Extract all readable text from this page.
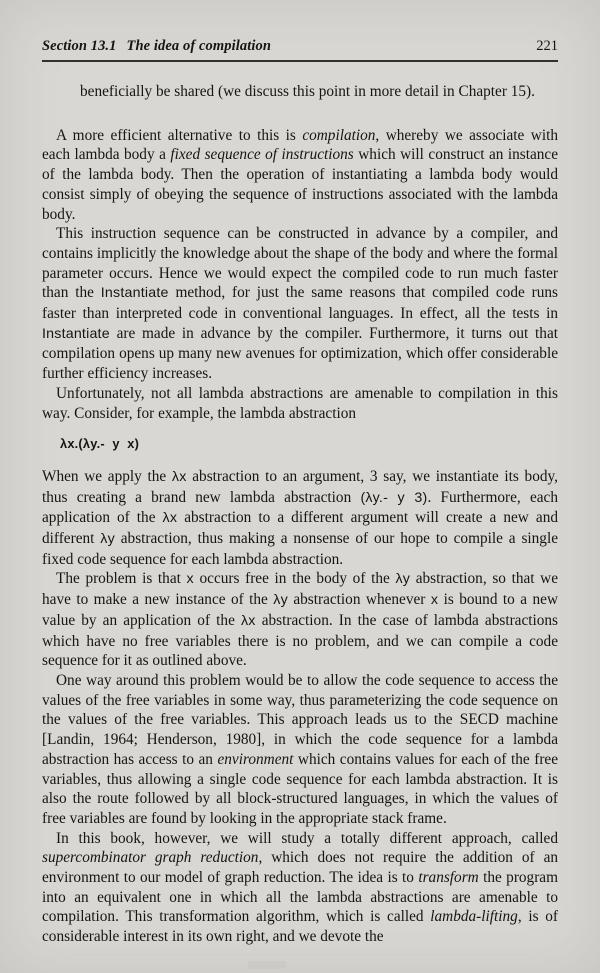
Section 13.1 The idea of compilation	221

beneficially be shared (we discuss this point in more detail in Chapter 15).

A more efficient alternative to this is compilation, whereby we associate with each lambda body a fixed sequence of instructions which will construct an instance of the lambda body. Then the operation of instantiating a lambda body would consist simply of obeying the sequence of instructions associated with the lambda body.

This instruction sequence can be constructed in advance by a compiler, and contains implicitly the knowledge about the shape of the body and where the formal parameter occurs. Hence we would expect the compiled code to run much faster than the Instantiate method, for just the same reasons that compiled code runs faster than interpreted code in conventional languages. In effect, all the tests in Instantiate are made in advance by the compiler. Furthermore, it turns out that compilation opens up many new avenues for optimization, which offer considerable further efficiency increases.

Unfortunately, not all lambda abstractions are amenable to compilation in this way. Consider, for example, the lambda abstraction

λx.(λy.-  y  x)

When we apply the λx abstraction to an argument, 3 say, we instantiate its body, thus creating a brand new lambda abstraction (λy.- y 3). Furthermore, each application of the λx abstraction to a different argument will create a new and different λy abstraction, thus making a nonsense of our hope to compile a single fixed code sequence for each lambda abstraction.

The problem is that x occurs free in the body of the λy abstraction, so that we have to make a new instance of the λy abstraction whenever x is bound to a new value by an application of the λx abstraction. In the case of lambda abstractions which have no free variables there is no problem, and we can compile a code sequence for it as outlined above.

One way around this problem would be to allow the code sequence to access the values of the free variables in some way, thus parameterizing the code sequence on the values of the free variables. This approach leads us to the SECD machine [Landin, 1964; Henderson, 1980], in which the code sequence for a lambda abstraction has access to an environment which contains values for each of the free variables, thus allowing a single code sequence for each lambda abstraction. It is also the route followed by all block-structured languages, in which the values of free variables are found by looking in the appropriate stack frame.

In this book, however, we will study a totally different approach, called supercombinator graph reduction, which does not require the addition of an environment to our model of graph reduction. The idea is to transform the program into an equivalent one in which all the lambda abstractions are amenable to compilation. This transformation algorithm, which is called lambda-lifting, is of considerable interest in its own right, and we devote the
